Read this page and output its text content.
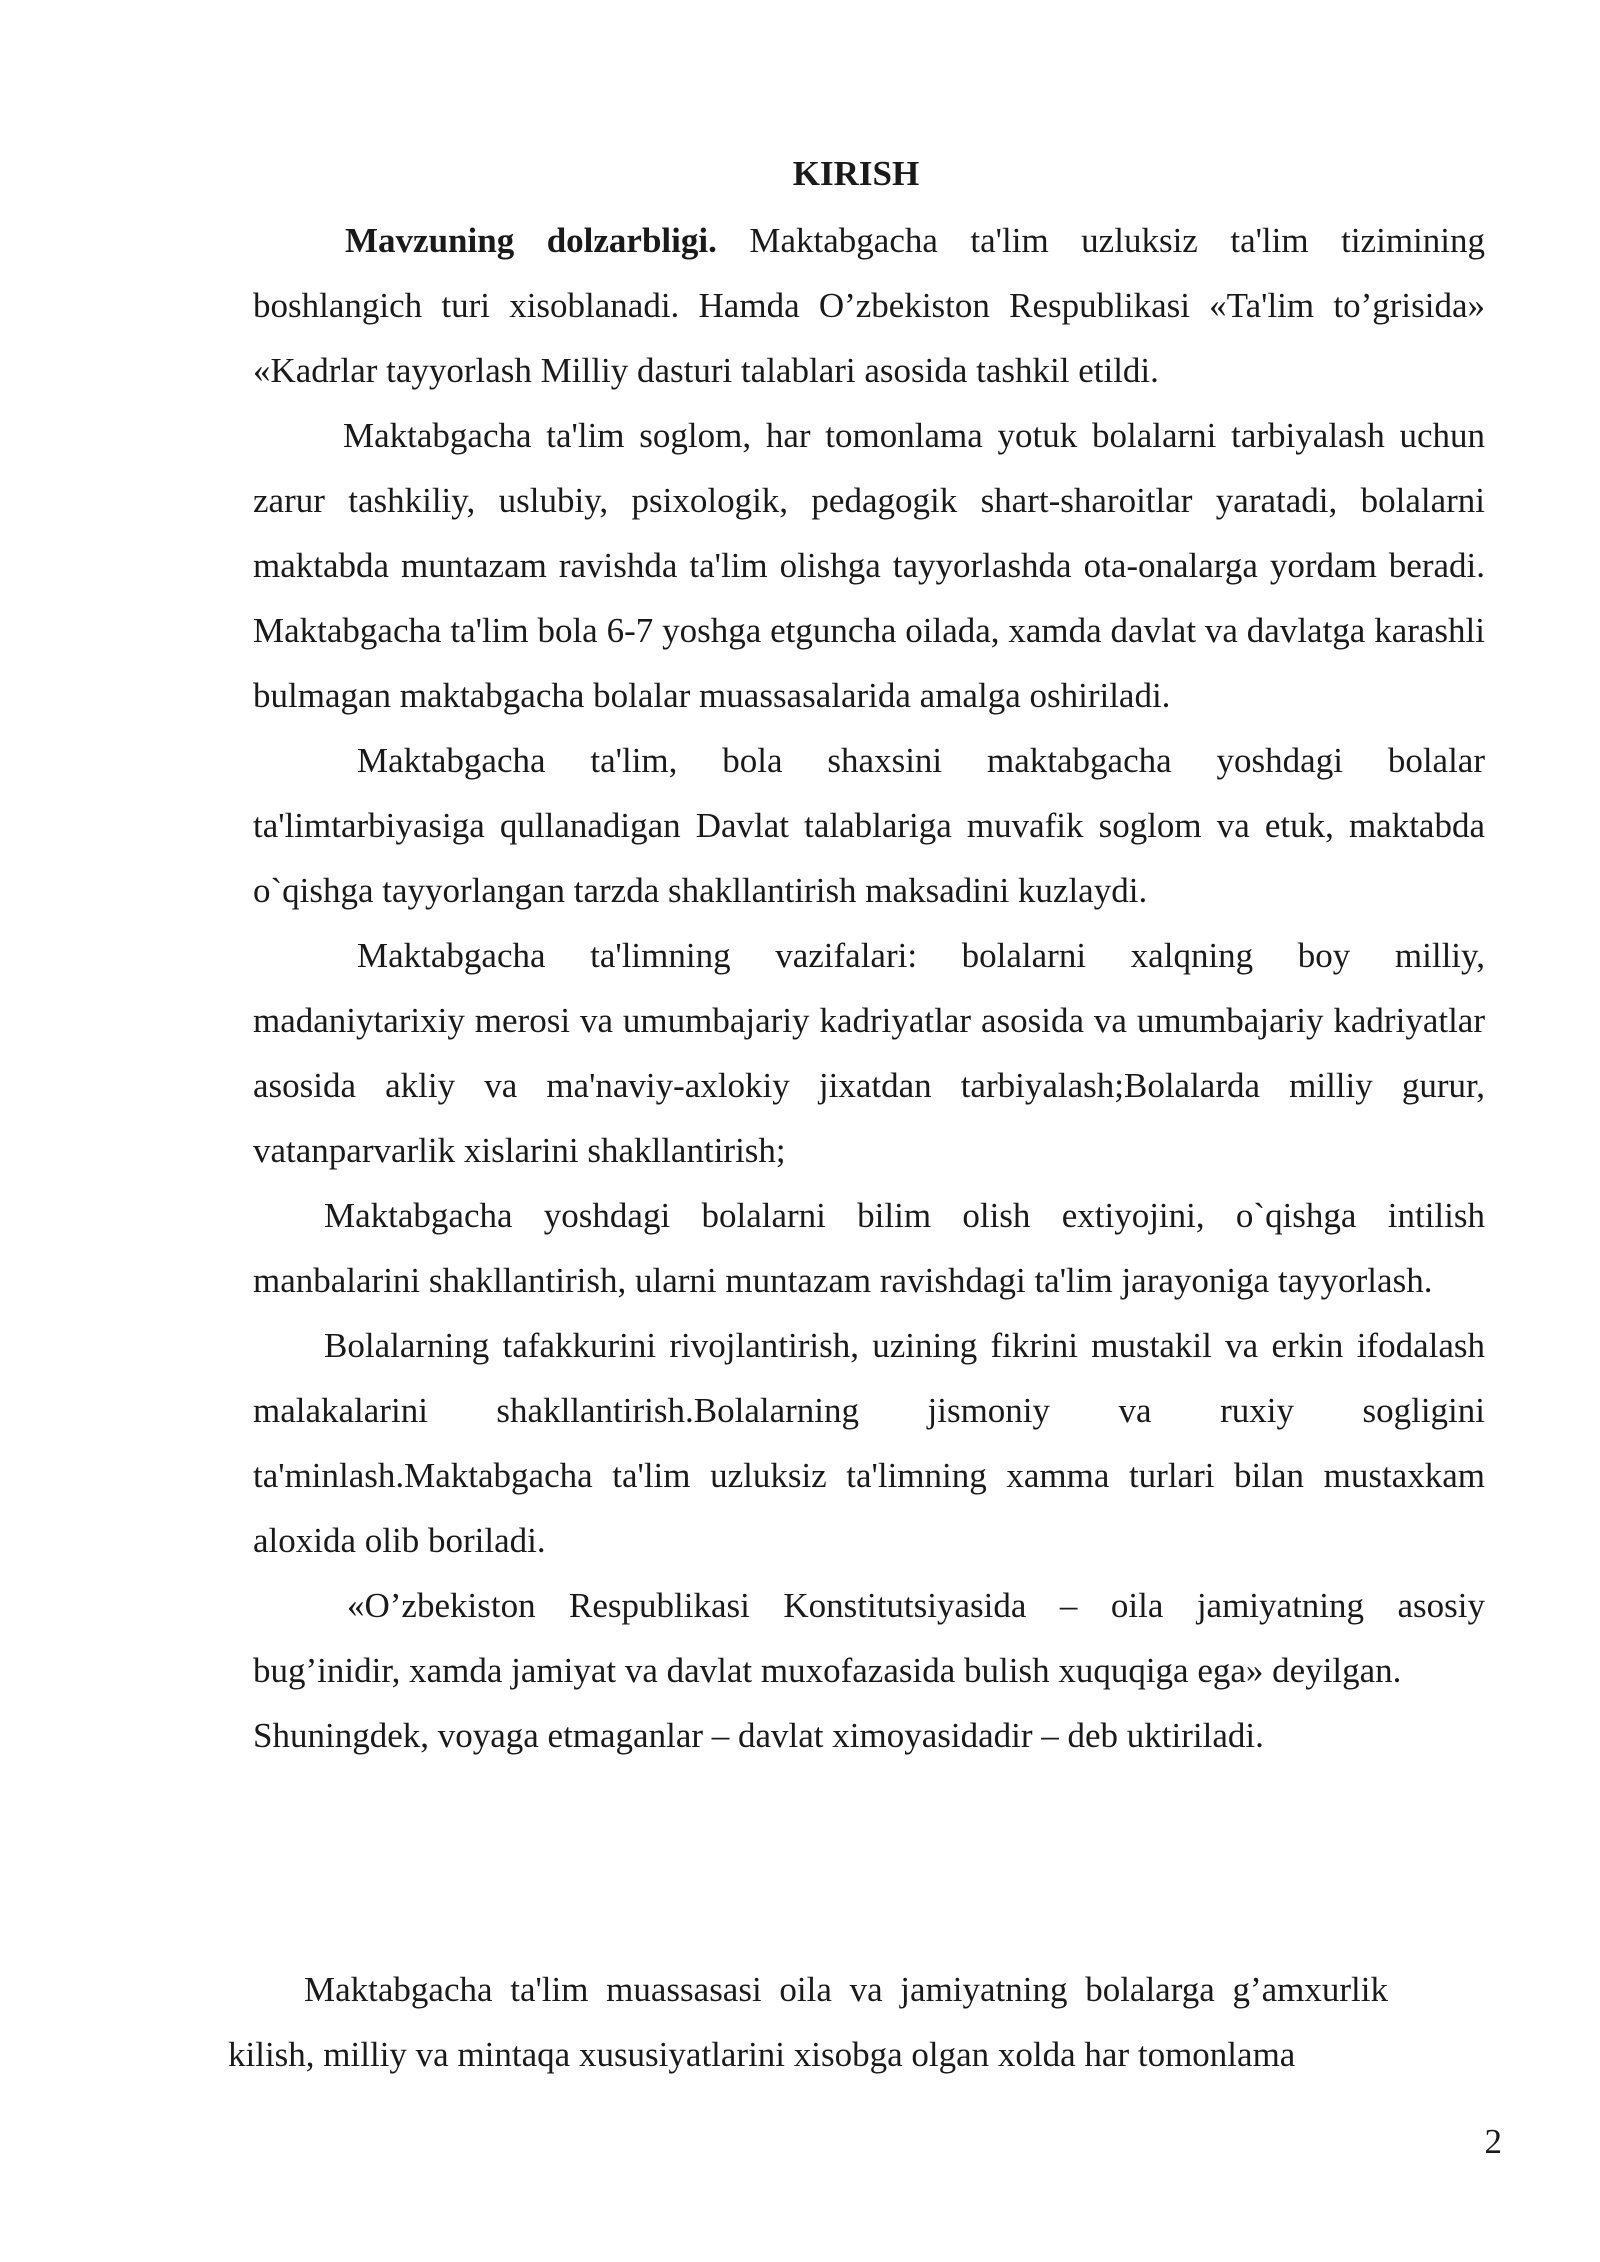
KIRISH

Mavzuning dolzarbligi. Maktabgacha ta'lim uzluksiz ta'lim tizimining boshlangich turi xisoblanadi. Hamda O’zbekiston Respublikasi «Ta'lim to’grisida» «Kadrlar tayyorlash Milliy dasturi talablari asosida tashkil etildi.

Maktabgacha ta'lim soglom, har tomonlama yotuk bolalarni tarbiyalash uchun zarur tashkiliy, uslubiy, psixologik, pedagogik shart-sharoitlar yaratadi, bolalarni maktabda muntazam ravishda ta'lim olishga tayyorlashda ota-onalarga yordam beradi. Maktabgacha ta'lim bola 6-7 yoshga etguncha oilada, xamda davlat va davlatga karashli bulmagan maktabgacha bolalar muassasalarida amalga oshiriladi.

Maktabgacha ta'lim, bola shaxsini maktabgacha yoshdagi bolalar ta'limtarbiyasiga qullanadigan Davlat talablariga muvafik soglom va etuk, maktabda o`qishga tayyorlangan tarzda shakllantirish maksadini kuzlaydi.

Maktabgacha ta'limning vazifalari: bolalarni xalqning boy milliy, madaniytarixiy merosi va umumbajariy kadriyatlar asosida va umumbajariy kadriyatlar asosida akliy va ma'naviy-axlokiy jixatdan tarbiyalash;Bolalarda milliy gurur, vatanparvarlik xislarini shakllantirish;

Maktabgacha yoshdagi bolalarni bilim olish extiyojini, o`qishga intilish manbalarini shakllantirish, ularni muntazam ravishdagi ta'lim jarayoniga tayyorlash.

Bolalarning tafakkurini rivojlantirish, uzining fikrini mustakil va erkin ifodalash malakalarini shakllantirish.Bolalarning jismoniy va ruxiy sogligini ta'minlash.Maktabgacha ta'lim uzluksiz ta'limning xamma turlari bilan mustaxkam aloxida olib boriladi.

«O’zbekiston Respublikasi Konstitutsiyasida – oila jamiyatning asosiy bug’inidir, xamda jamiyat va davlat muxofazasida bulish xuquqiga ega» deyilgan.

Shuningdek, voyaga etmaganlar – davlat ximoyasidadir – deb uktiriladi.

Maktabgacha ta'lim muassasasi oila va jamiyatning bolalarga g’amxurlik kilish, milliy va mintaqa xususiyatlarini xisobga olgan xolda har tomonlama

2
